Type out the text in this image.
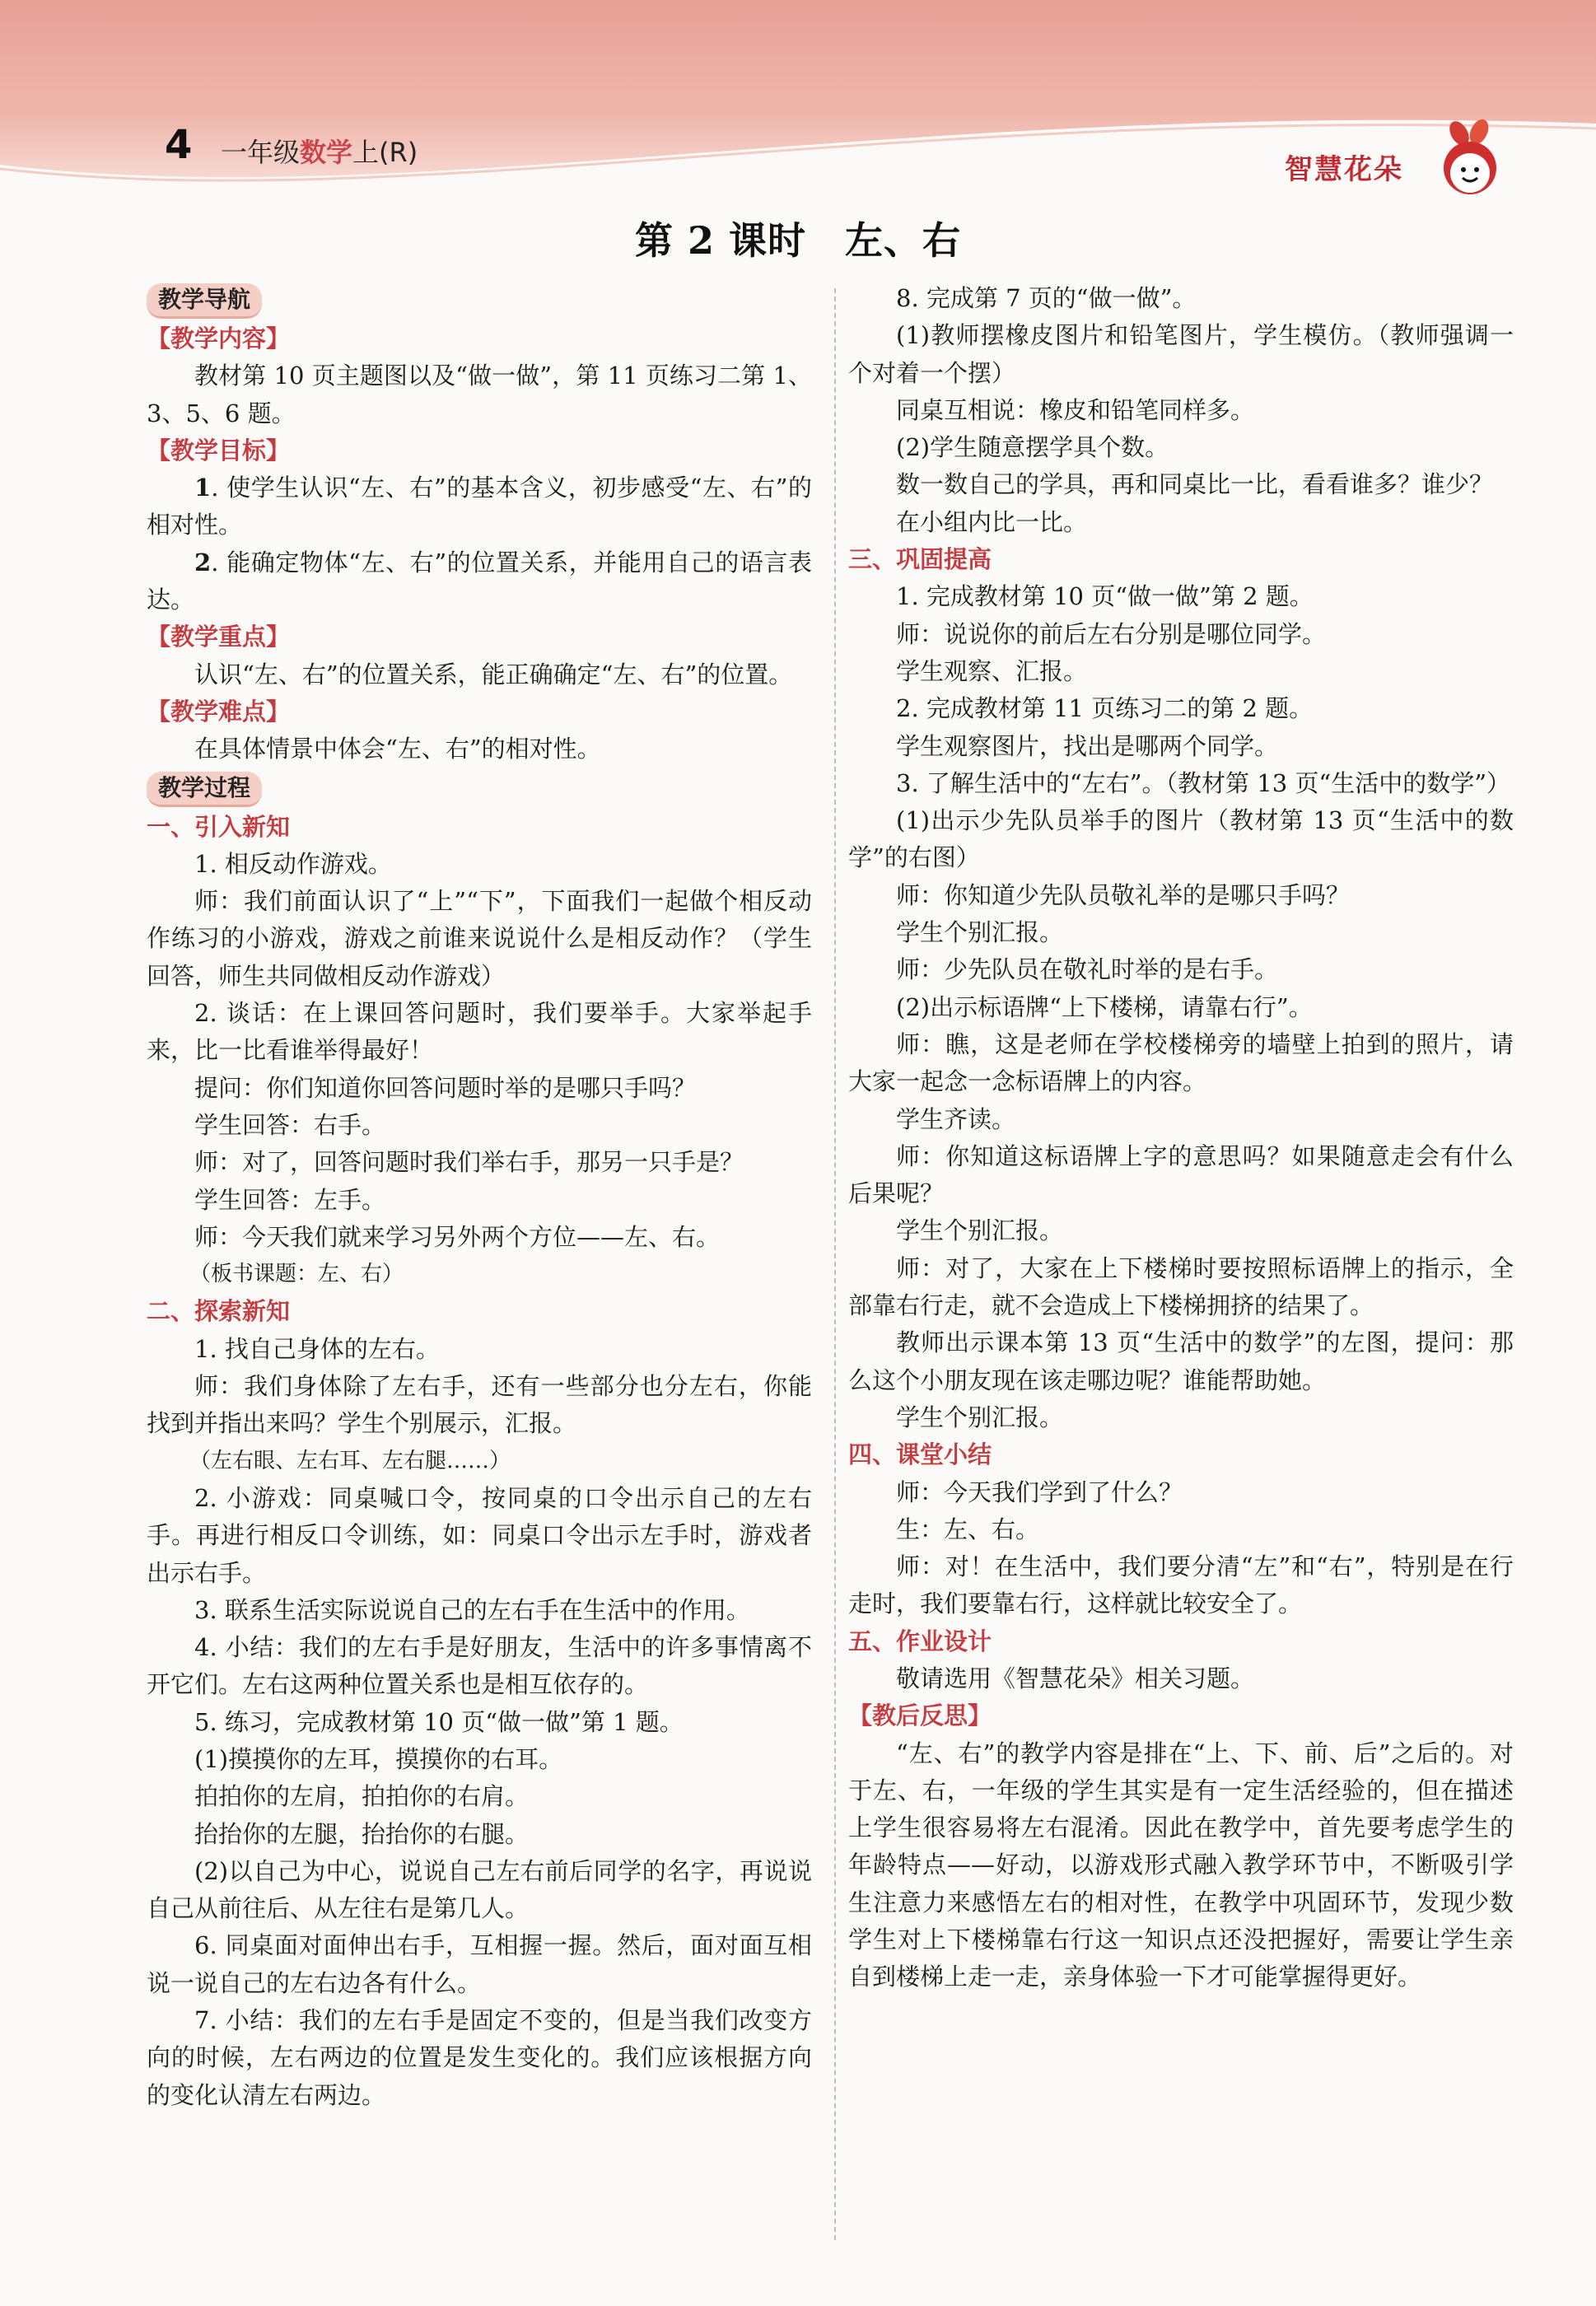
4 一年级数学上(R)
智慧花朵
第 2 课时　左、右
教学导航

【教学内容】

教材第 10 页主题图以及“做一做”，第 11 页练习二第 1、3、5、6 题。

【教学目标】

1. 使学生认识“左、右”的基本含义，初步感受“左、右”的相对性。

2. 能确定物体“左、右”的位置关系，并能用自己的语言表达。

【教学重点】

认识“左、右”的位置关系，能正确确定“左、右”的位置。

【教学难点】

在具体情景中体会“左、右”的相对性。

教学过程

一、引入新知

1. 相反动作游戏。

师：我们前面认识了“上”“下”，下面我们一起做个相反动作练习的小游戏，游戏之前谁来说说什么是相反动作？（学生回答，师生共同做相反动作游戏）

2. 谈话：在上课回答问题时，我们要举手。大家举起手来，比一比看谁举得最好！

提问：你们知道你回答问题时举的是哪只手吗？

学生回答：右手。

师：对了，回答问题时我们举右手，那另一只手是？

学生回答：左手。

师：今天我们就来学习另外两个方位——左、右。

（板书课题：左、右）

二、探索新知

1. 找自己身体的左右。

师：我们身体除了左右手，还有一些部分也分左右，你能找到并指出来吗？学生个别展示，汇报。

（左右眼、左右耳、左右腿……）

2. 小游戏：同桌喊口令，按同桌的口令出示自己的左右手。再进行相反口令训练，如：同桌口令出示左手时，游戏者出示右手。

3. 联系生活实际说说自己的左右手在生活中的作用。

4. 小结：我们的左右手是好朋友，生活中的许多事情离不开它们。左右这两种位置关系也是相互依存的。

5. 练习，完成教材第 10 页“做一做”第 1 题。

(1)摸摸你的左耳，摸摸你的右耳。

拍拍你的左肩，拍拍你的右肩。

抬抬你的左腿，抬抬你的右腿。

(2)以自己为中心，说说自己左右前后同学的名字，再说说自己从前往后、从左往右是第几人。

6. 同桌面对面伸出右手，互相握一握。然后，面对面互相说一说自己的左右边各有什么。

7. 小结：我们的左右手是固定不变的，但是当我们改变方向的时候，左右两边的位置是发生变化的。我们应该根据方向的变化认清左右两边。

8. 完成第 7 页的“做一做”。

(1)教师摆橡皮图片和铅笔图片，学生模仿。（教师强调一个对着一个摆）

同桌互相说：橡皮和铅笔同样多。

(2)学生随意摆学具个数。

数一数自己的学具，再和同桌比一比，看看谁多？谁少？

在小组内比一比。

三、巩固提高

1. 完成教材第 10 页“做一做”第 2 题。

师：说说你的前后左右分别是哪位同学。

学生观察、汇报。

2. 完成教材第 11 页练习二的第 2 题。

学生观察图片，找出是哪两个同学。

3. 了解生活中的“左右”。（教材第 13 页“生活中的数学”）

(1)出示少先队员举手的图片（教材第 13 页“生活中的数学”的右图）

师：你知道少先队员敬礼举的是哪只手吗？

学生个别汇报。

师：少先队员在敬礼时举的是右手。

(2)出示标语牌“上下楼梯，请靠右行”。

师：瞧，这是老师在学校楼梯旁的墙壁上拍到的照片，请大家一起念一念标语牌上的内容。

学生齐读。

师：你知道这标语牌上字的意思吗？如果随意走会有什么后果呢？

学生个别汇报。

师：对了，大家在上下楼梯时要按照标语牌上的指示，全部靠右行走，就不会造成上下楼梯拥挤的结果了。

教师出示课本第 13 页“生活中的数学”的左图，提问：那么这个小朋友现在该走哪边呢？谁能帮助她。

学生个别汇报。

四、课堂小结

师：今天我们学到了什么？

生：左、右。

师：对！在生活中，我们要分清“左”和“右”，特别是在行走时，我们要靠右行，这样就比较安全了。

五、作业设计

敬请选用《智慧花朵》相关习题。

【教后反思】

“左、右”的教学内容是排在“上、下、前、后”之后的。对于左、右，一年级的学生其实是有一定生活经验的，但在描述上学生很容易将左右混淆。因此在教学中，首先要考虑学生的年龄特点——好动，以游戏形式融入教学环节中，不断吸引学生注意力来感悟左右的相对性，在教学中巩固环节，发现少数学生对上下楼梯靠右行这一知识点还没把握好，需要让学生亲自到楼梯上走一走，亲身体验一下才可能掌握得更好。
